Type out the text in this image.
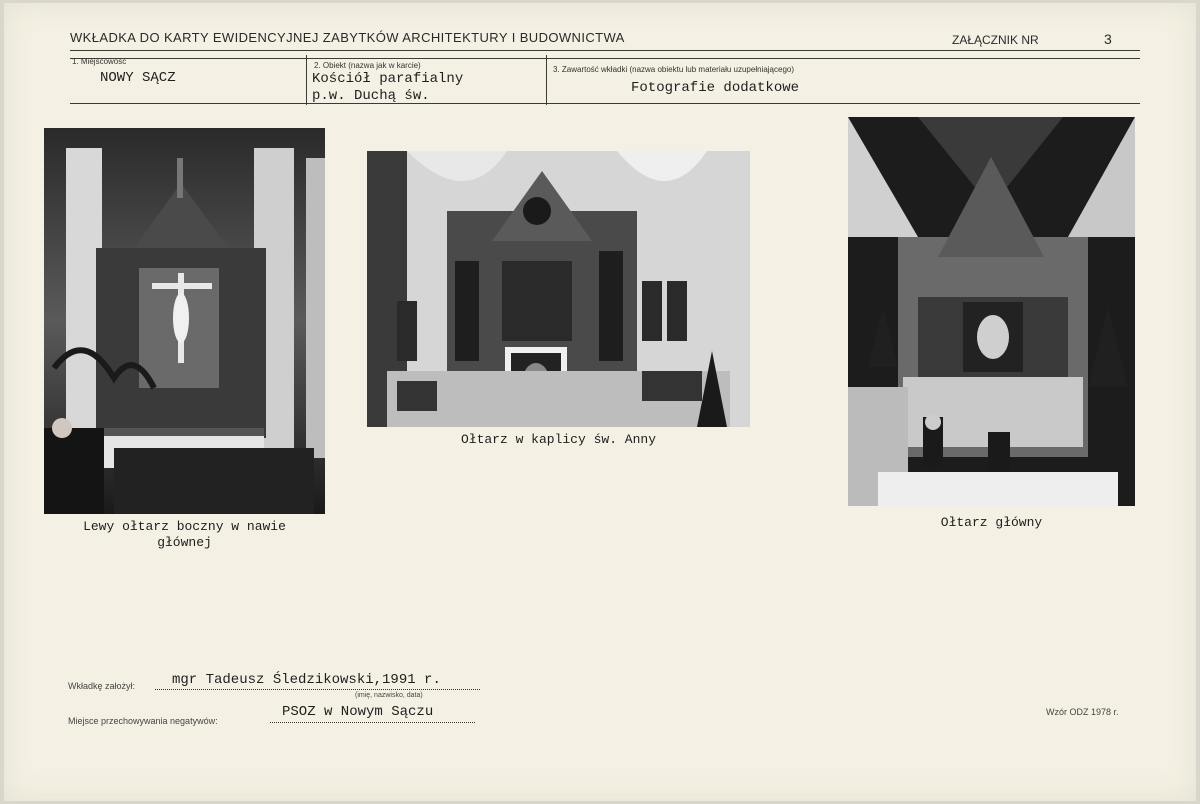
WKŁADKA DO KARTY EWIDENCYJNEJ ZABYTKÓW ARCHITEKTURY I BUDOWNICTWA	ZAŁĄCZNIK NR	3
1. Miejscowość
NOWY SĄCZ
2. Obiekt (nazwa jak w karcie)
Kościół parafialny
p.w. Duchą św.
3. Zawartość wkładki (nazwa obiektu lub materiału uzupełniającego)
Fotografie dodatkowe
Lewy ołtarz boczny w nawie
głównej
Ołtarz w kaplicy św. Anny
Ołtarz główny
Wkładkę założył:	mgr Tadeusz Śledzikowski,1991 r.
(imię, nazwisko, data)
Miejsce przechowywania negatywów:
PSOZ w Nowym Sączu	Wzór ODZ 1978 r.
